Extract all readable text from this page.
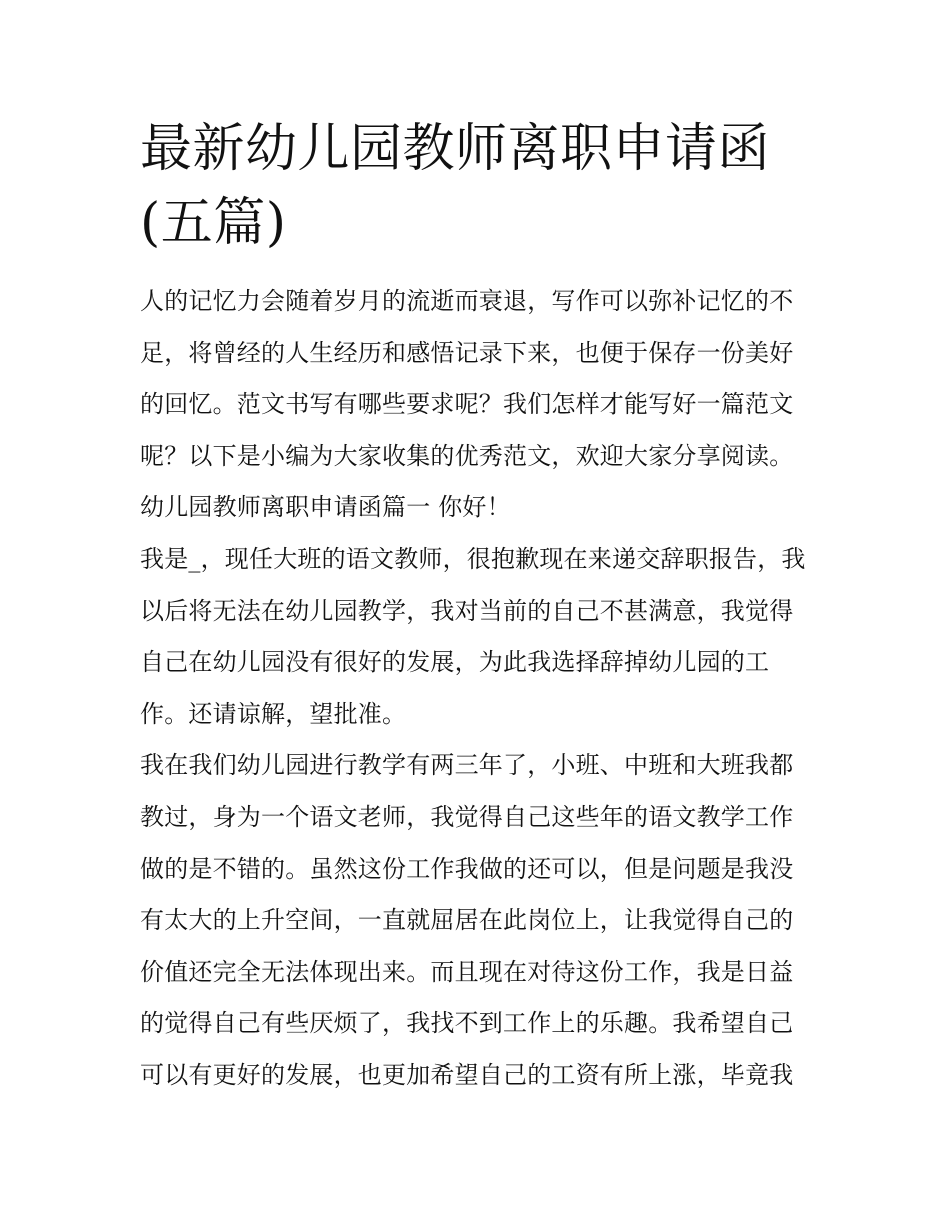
最新幼儿园教师离职申请函(五篇)

人的记忆力会随着岁月的流逝而衰退，写作可以弥补记忆的不足，将曾经的人生经历和感悟记录下来，也便于保存一份美好的回忆。范文书写有哪些要求呢？我们怎样才能写好一篇范文呢？以下是小编为大家收集的优秀范文，欢迎大家分享阅读。

幼儿园教师离职申请函篇一 你好！

我是_，现任大班的语文教师，很抱歉现在来递交辞职报告，我以后将无法在幼儿园教学，我对当前的自己不甚满意，我觉得自己在幼儿园没有很好的发展，为此我选择辞掉幼儿园的工作。还请谅解，望批准。

我在我们幼儿园进行教学有两三年了，小班、中班和大班我都教过，身为一个语文老师，我觉得自己这些年的语文教学工作做的是不错的。虽然这份工作我做的还可以，但是问题是我没有太大的上升空间，一直就屈居在此岗位上，让我觉得自己的价值还完全无法体现出来。而且现在对待这份工作，我是日益的觉得自己有些厌烦了，我找不到工作上的乐趣。我希望自己可以有更好的发展，也更加希望自己的工资有所上涨，毕竟我
